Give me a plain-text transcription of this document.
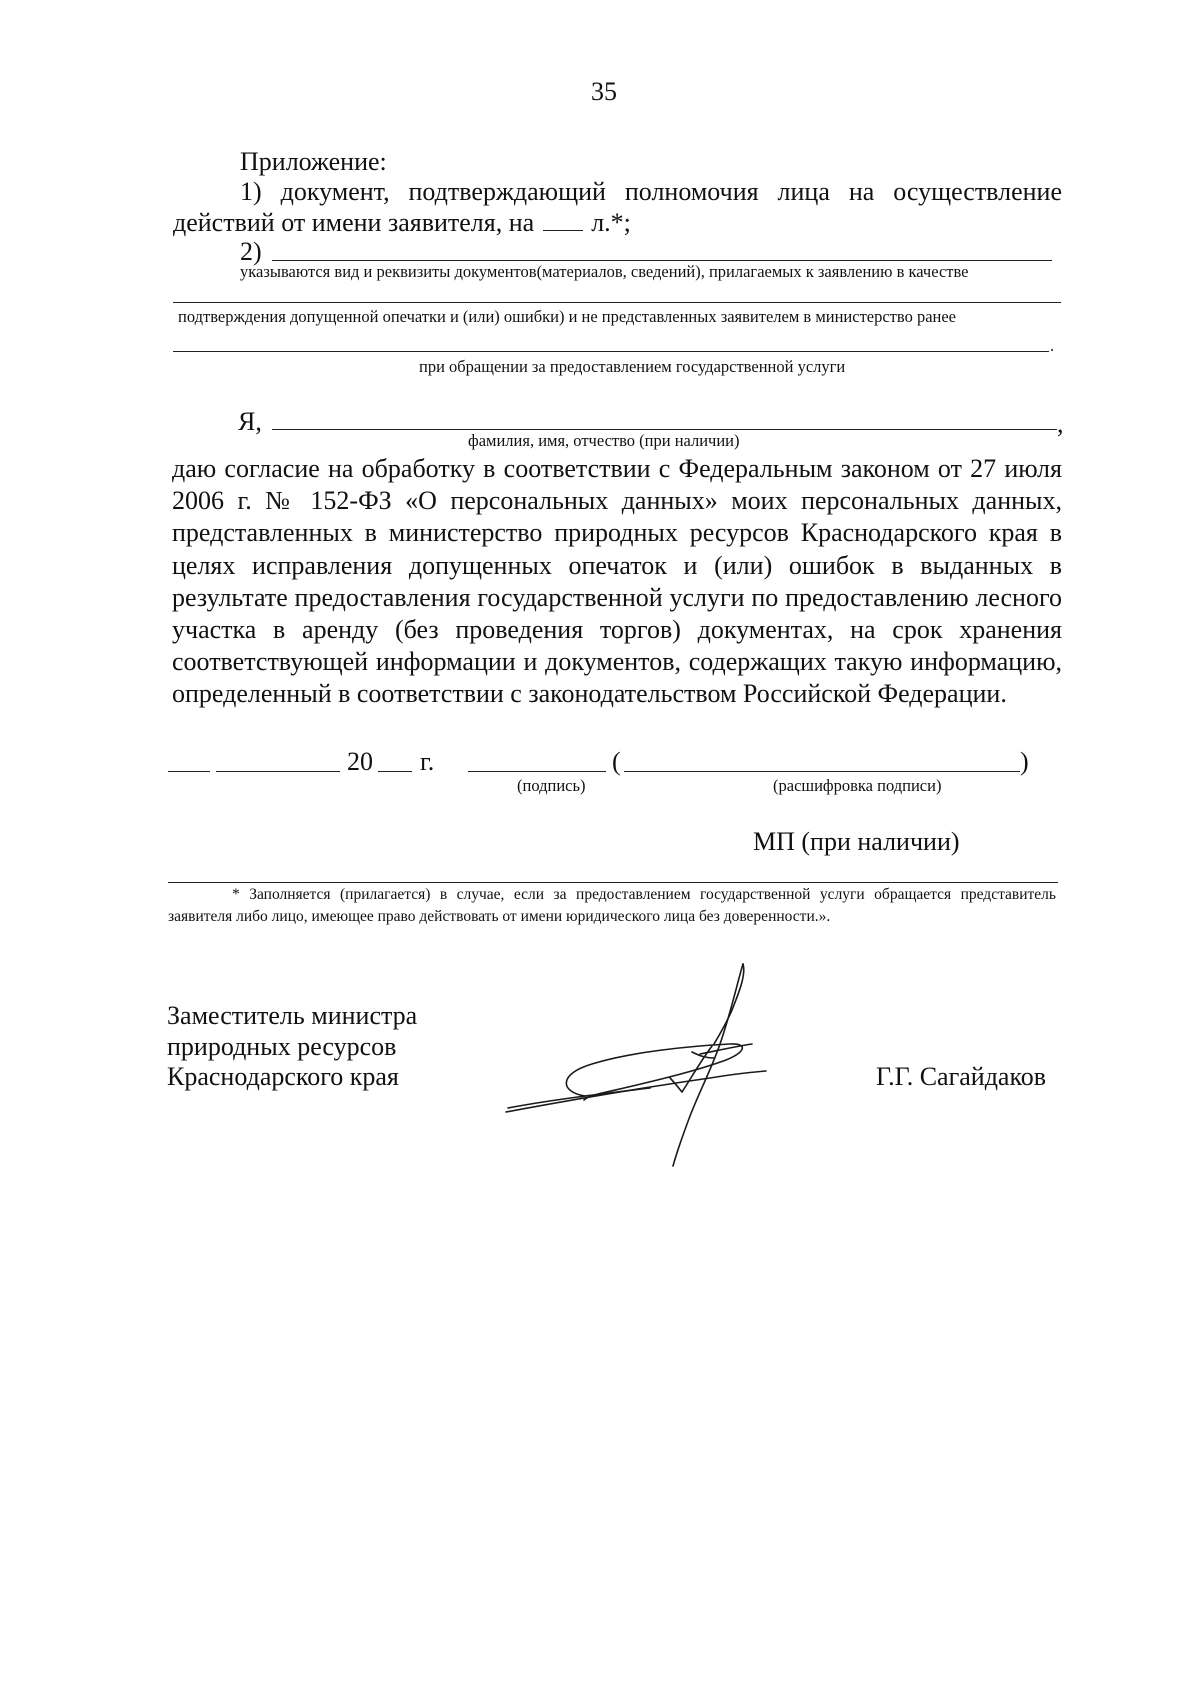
35
Приложение:
1) документ, подтверждающий полномочия лица на осуществление
действий от имени заявителя, на л.*;
2)
указываются вид и реквизиты документов(материалов, сведений), прилагаемых к заявлению в качестве
подтверждения допущенной опечатки и (или) ошибки) и не представленных заявителем в министерство ранее
.
при обращении за предоставлением государственной услуги
Я,	,
фамилия, имя, отчество (при наличии)
даю согласие на обработку в соответствии с Федеральным законом от 27 июля
2006 г. № 152-ФЗ «О персональных данных» моих персональных данных,
представленных в министерство природных ресурсов Краснодарского края в
целях исправления допущенных опечаток и (или) ошибок в выданных в
результате предоставления государственной услуги по предоставлению лесного
участка в аренду (без проведения торгов) документах, на срок хранения
соответствующей информации и документов, содержащих такую информацию,
определенный в соответствии с законодательством Российской Федерации.
20 г.	(	)
(подпись)	(расшифровка подписи)
МП (при наличии)
* Заполняется (прилагается) в случае, если за предоставлением государственной услуги обращается представитель заявителя либо лицо, имеющее право действовать от имени юридического лица без доверенности.».
Заместитель министра
природных ресурсов
Краснодарского края	Г.Г. Сагайдаков
